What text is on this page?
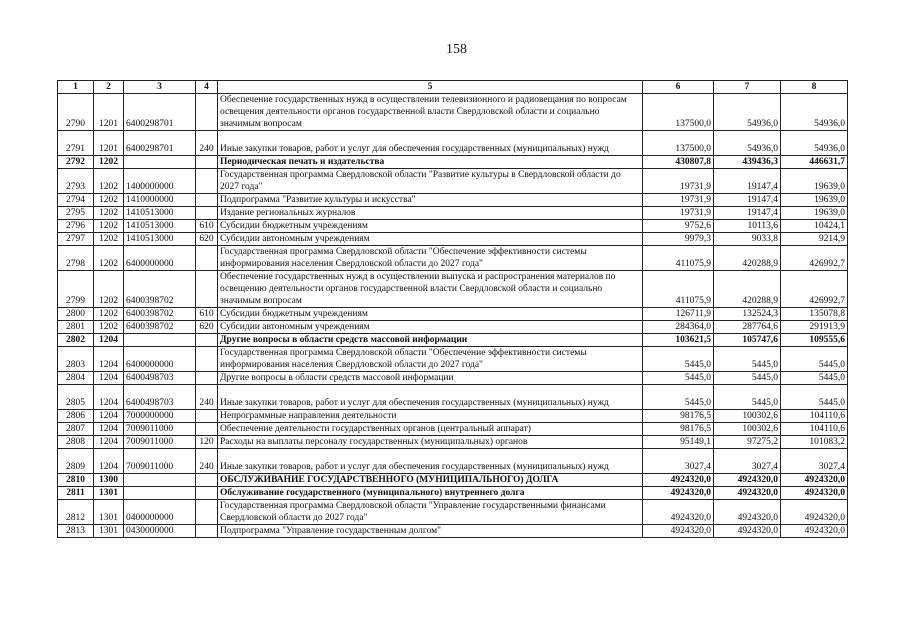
158
1	2	3	4	5	6	7	8
2790	1201	6400298701		Обеспечение государственных нужд в осуществлении телевизионного и радиовещания по вопросам освещения деятельности органов государственной власти Свердловской области и социально значимым вопросам	137500,0	54936,0	54936,0
2791	1201	6400298701	240	Иные закупки товаров, работ и услуг для обеспечения государственных (муниципальных) нужд	137500,0	54936,0	54936,0
2792	1202			Периодическая печать и издательства	430807,8	439436,3	446631,7
2793	1202	1400000000		Государственная программа Свердловской области "Развитие культуры в Свердловской области до 2027 года"	19731,9	19147,4	19639,0
2794	1202	1410000000		Подпрограмма "Развитие культуры и искусства"	19731,9	19147,4	19639,0
2795	1202	1410513000		Издание региональных журналов	19731,9	19147,4	19639,0
2796	1202	1410513000	610	Субсидии бюджетным учреждениям	9752,6	10113,6	10424,1
2797	1202	1410513000	620	Субсидии автономным учреждениям	9979,3	9033,8	9214,9
2798	1202	6400000000		Государственная программа Свердловской области "Обеспечение эффективности системы информирования населения Свердловской области до 2027 года"	411075,9	420288,9	426992,7
2799	1202	6400398702		Обеспечение государственных нужд в осуществлении выпуска и распространения материалов по освещению деятельности органов государственной власти Свердловской области и социально значимым вопросам	411075,9	420288,9	426992,7
2800	1202	6400398702	610	Субсидии бюджетным учреждениям	126711,9	132524,3	135078,8
2801	1202	6400398702	620	Субсидии автономным учреждениям	284364,0	287764,6	291913,9
2802	1204			Другие вопросы в области средств массовой информации	103621,5	105747,6	109555,6
2803	1204	6400000000		Государственная программа Свердловской области "Обеспечение эффективности системы информирования населения Свердловской области до 2027 года"	5445,0	5445,0	5445,0
2804	1204	6400498703		Другие вопросы в области средств массовой информации	5445,0	5445,0	5445,0
2805	1204	6400498703	240	Иные закупки товаров, работ и услуг для обеспечения государственных (муниципальных) нужд	5445,0	5445,0	5445,0
2806	1204	7000000000		Непрограммные направления деятельности	98176,5	100302,6	104110,6
2807	1204	7009011000		Обеспечение деятельности государственных органов (центральный аппарат)	98176,5	100302,6	104110,6
2808	1204	7009011000	120	Расходы на выплаты персоналу государственных (муниципальных) органов	95149,1	97275,2	101083,2
2809	1204	7009011000	240	Иные закупки товаров, работ и услуг для обеспечения государственных (муниципальных) нужд	3027,4	3027,4	3027,4
2810	1300			ОБСЛУЖИВАНИЕ ГОСУДАРСТВЕННОГО (МУНИЦИПАЛЬНОГО) ДОЛГА	4924320,0	4924320,0	4924320,0
2811	1301			Обслуживание государственного (муниципального) внутреннего долга	4924320,0	4924320,0	4924320,0
2812	1301	0400000000		Государственная программа Свердловской области "Управление государственными финансами Свердловской области до 2027 года"	4924320,0	4924320,0	4924320,0
2813	1301	0430000000		Подпрограмма "Управление государственным долгом"	4924320,0	4924320,0	4924320,0
